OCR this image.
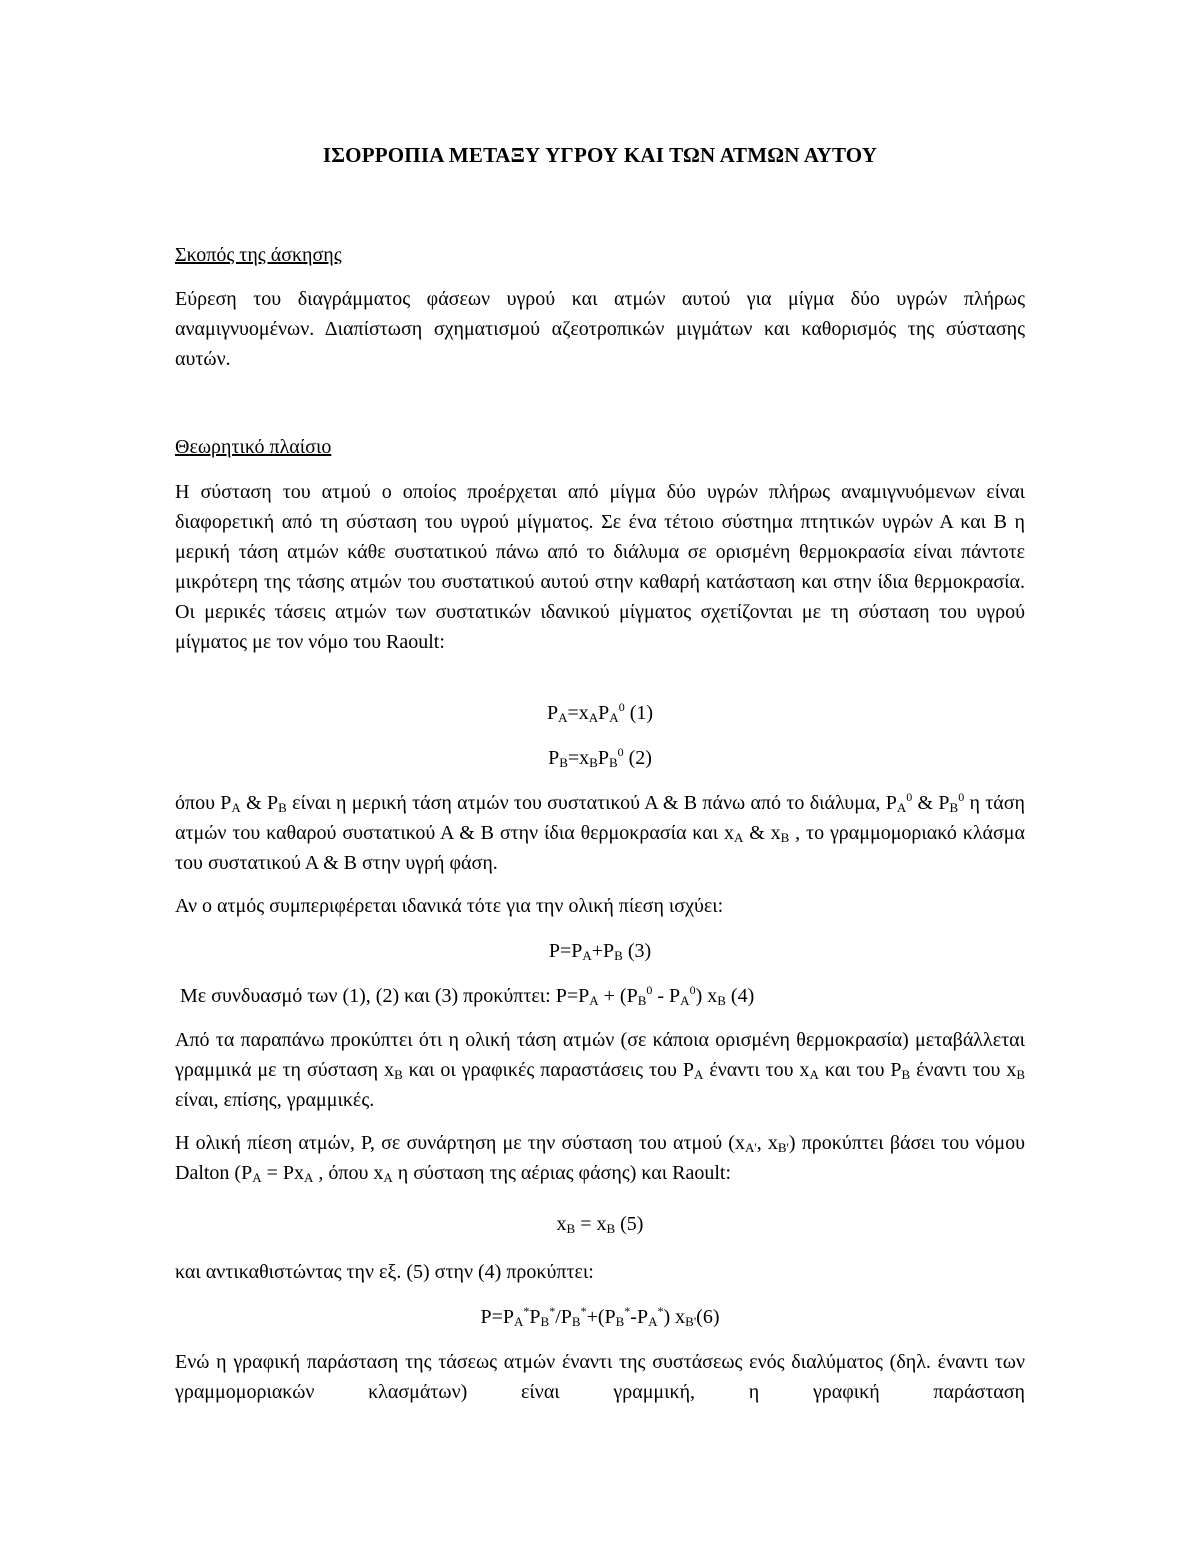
ΙΣΟΡΡΟΠΙΑ ΜΕΤΑΞΥ ΥΓΡΟΥ ΚΑΙ ΤΩΝ ΑΤΜΩΝ ΑΥΤΟΥ

Σκοπός της άσκησης

Εύρεση του διαγράμματος φάσεων υγρού και ατμών αυτού για μίγμα δύο υγρών πλήρως αναμιγνυομένων. Διαπίστωση σχηματισμού αζεοτροπικών μιγμάτων και καθορισμός της σύστασης αυτών.

Θεωρητικό πλαίσιο

Η σύσταση του ατμού ο οποίος προέρχεται από μίγμα δύο υγρών πλήρως αναμιγνυόμενων είναι διαφορετική από τη σύσταση του υγρού μίγματος. Σε ένα τέτοιο σύστημα πτητικών υγρών Α και Β η μερική τάση ατμών κάθε συστατικού πάνω από το διάλυμα σε ορισμένη θερμοκρασία είναι πάντοτε μικρότερη της τάσης ατμών του συστατικού αυτού στην καθαρή κατάσταση και στην ίδια θερμοκρασία. Οι μερικές τάσεις ατμών των συστατικών ιδανικού μίγματος σχετίζονται με τη σύσταση του υγρού μίγματος με τον νόμο του Raoult:

$P_A=x_AP_A^0$ (1)

$P_B=x_BP_B^0$ (2)

όπου $P_A$ & $P_B$ είναι η μερική τάση ατμών του συστατικού Α & Β πάνω από το διάλυμα, $P_A^0$ & $P_B^0$ η τάση ατμών του καθαρού συστατικού Α & Β στην ίδια θερμοκρασία και $x_A$ & $x_B$ , το γραμμομοριακό κλάσμα του συστατικού Α & Β στην υγρή φάση.

Αν ο ατμός συμπεριφέρεται ιδανικά τότε για την ολική πίεση ισχύει:

$P=P_A+P_B$ (3)

Με συνδυασμό των (1), (2) και (3) προκύπτει: $P=P_A + (P_B^0 - P_A^0)$ $x_B$ (4)

Από τα παραπάνω προκύπτει ότι η ολική τάση ατμών (σε κάποια ορισμένη θερμοκρασία) μεταβάλλεται γραμμικά με τη σύσταση $x_B$ και οι γραφικές παραστάσεις του $P_A$ έναντι του $x_A$ και του $P_B$ έναντι του $x_B$ είναι, επίσης, γραμμικές.

Η ολική πίεση ατμών, P, σε συνάρτηση με την σύσταση του ατμού ($x_{A'}$, $x_{B'}$) προκύπτει βάσει του νόμου Dalton ($P_A = Px_A$ , όπου $x_A$ η σύσταση της αέριας φάσης) και Raoult:

$x_B = x_B$ (5)

και αντικαθιστώντας την εξ. (5) στην (4) προκύπτει:

$P=P_A^*P_B^*/P_B^*+(P_B^*-P_A^*)$ $x_{B'}(6)$

Ενώ η γραφική παράσταση της τάσεως ατμών έναντι της συστάσεως ενός διαλύματος (δηλ. έναντι των γραμμομοριακών κλασμάτων) είναι γραμμική, η γραφική παράσταση
